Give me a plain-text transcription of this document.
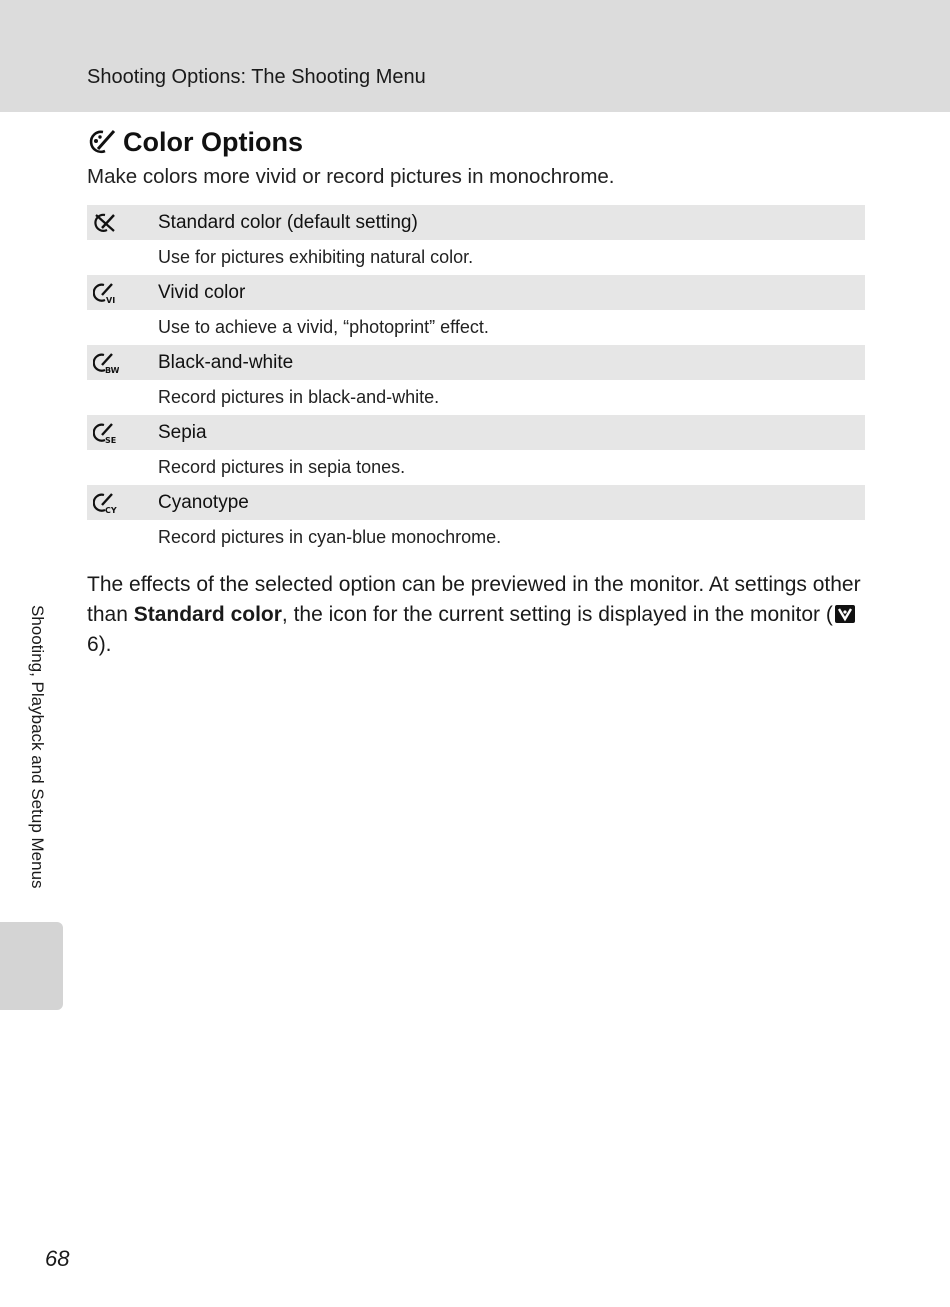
Shooting Options: The Shooting Menu
Color Options
Make colors more vivid or record pictures in monochrome.
Standard color (default setting)
Use for pictures exhibiting natural color.
VI Vivid color
Use to achieve a vivid, “photoprint” effect.
BW Black-and-white
Record pictures in black-and-white.
SE Sepia
Record pictures in sepia tones.
CY Cyanotype
Record pictures in cyan-blue monochrome.

The effects of the selected option can be previewed in the monitor. At settings other than Standard color, the icon for the current setting is displayed in the monitor ( 6).

Shooting, Playback and Setup Menus
68
